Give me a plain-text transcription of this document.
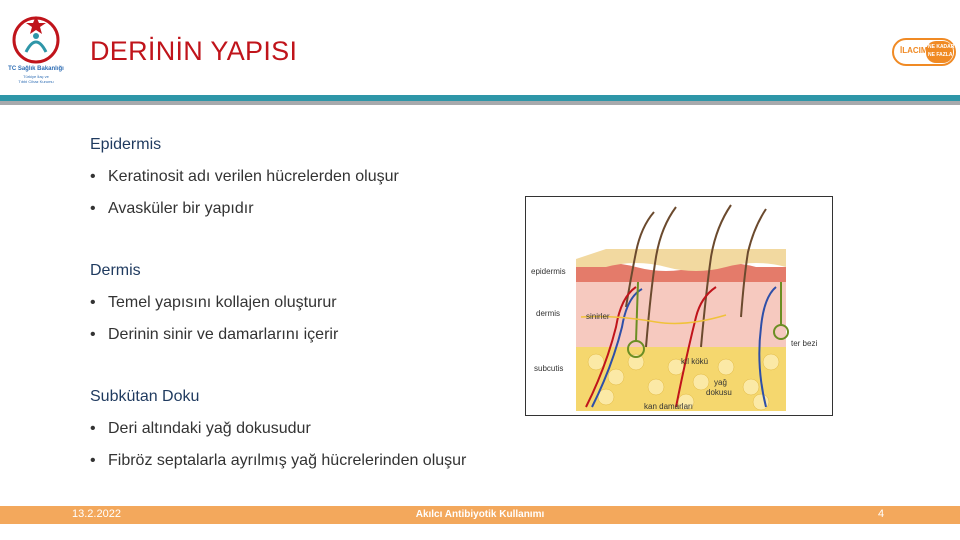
TC Sağlık Bakanlığı
Türkiye İlaç ve
Tıbbi Cihaz Kurumu
DERİNİN YAPISI	İLACIM NE KADAR
NE FAZLA
Epidermis
• Keratinosit adı verilen hücrelerden oluşur
• Avasküler bir yapıdır
Dermis
• Temel yapısını kollajen oluşturur
• Derinin sinir ve damarlarını içerir
Subkütan Doku
• Deri altındaki yağ dokusudur
• Fibröz septalarla ayrılmış yağ hücrelerinden oluşur
epidermis
dermis
subcutis
sinirler
ter bezi
kıl kökü
yağ
dokusu
kan damarları
13.2.2022	Akılcı Antibiyotik Kullanımı	4
